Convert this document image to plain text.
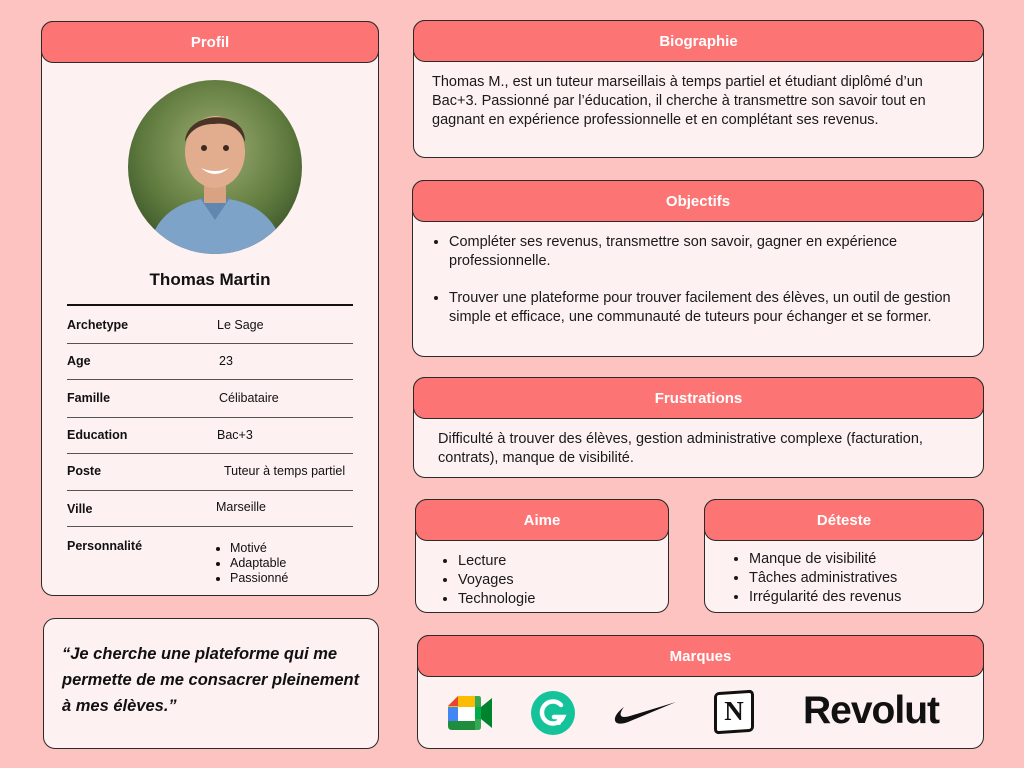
Profil
Thomas Martin
Archetype	Le Sage
Age	23
Famille	Célibataire
Education	Bac+3
Poste	Tuteur à temps partiel
Ville	Marseille
Personnalité
•	Motivé
• Adaptable
• Passionné
“Je cherche une plateforme qui me permette de me consacrer pleinement à mes élèves.”
Biographie
Thomas M., est un tuteur marseillais à temps partiel et étudiant diplômé d’un Bac+3. Passionné par l’éducation, il cherche à transmettre son savoir tout en gagnant en expérience professionnelle et en complétant ses revenus.
Objectifs
• Compléter ses revenus, transmettre son savoir, gagner en expérience professionnelle.
• Trouver une plateforme pour trouver facilement des élèves, un outil de gestion simple et efficace, une communauté de tuteurs pour échanger et se former.
Frustrations
Difficulté à trouver des élèves, gestion administrative complexe (facturation, contrats), manque de visibilité.
Aime
• Lecture
• Voyages
• Technologie
Déteste
• Manque de visibilité
• Tâches administratives
• Irrégularité des revenus
Marques
N	Revolut
